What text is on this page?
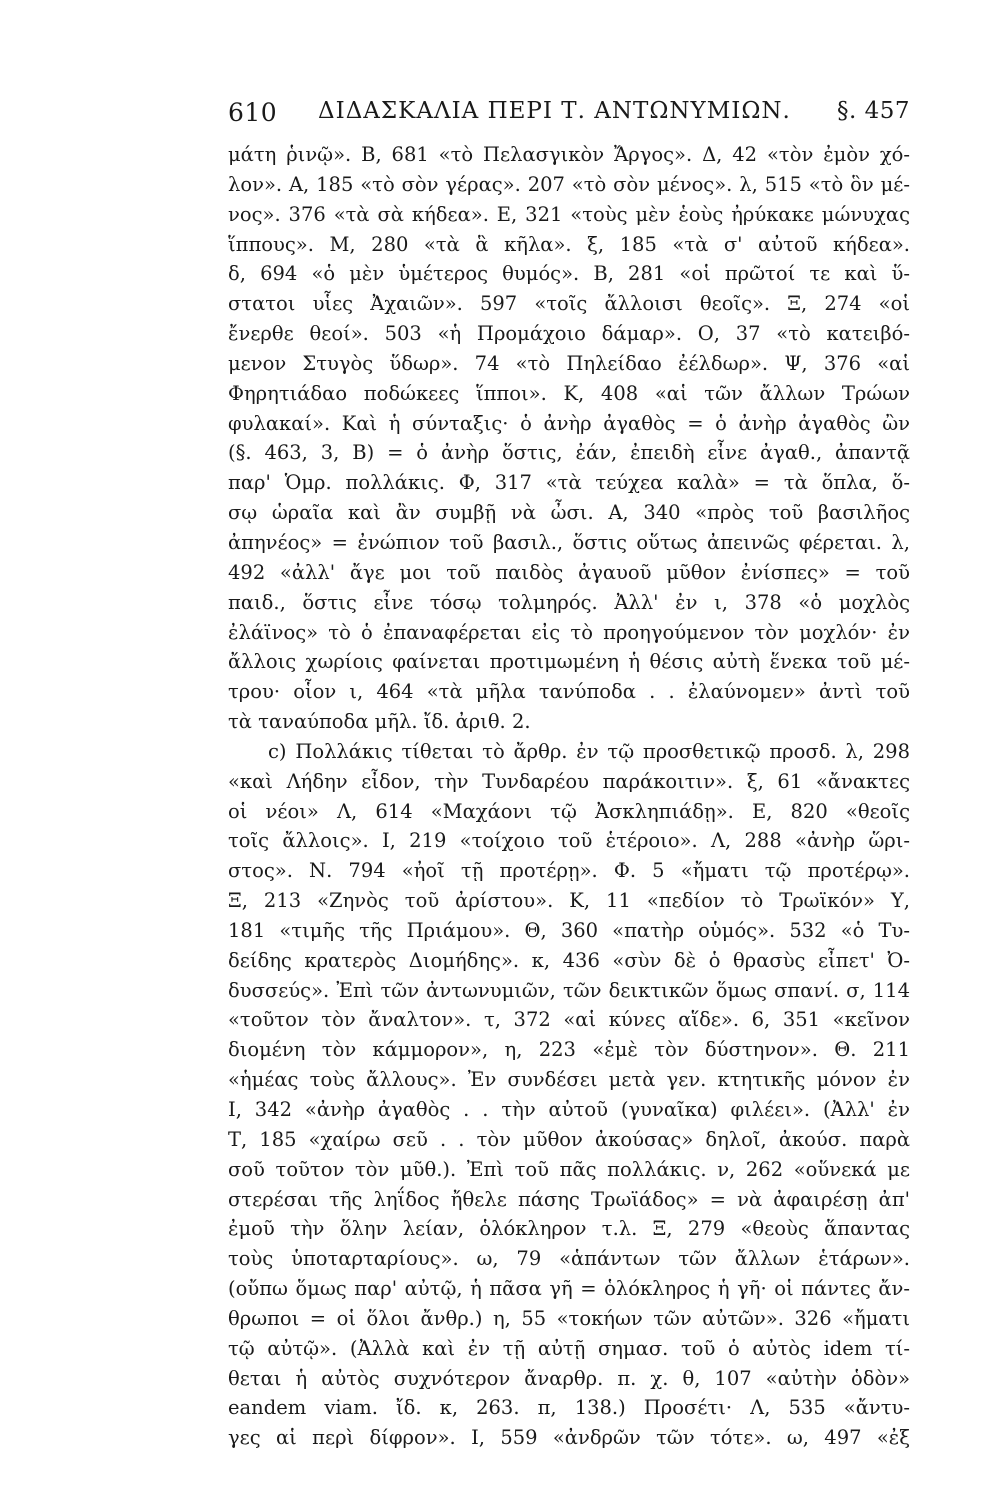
610 ΔΙΔΑΣΚΑΛΙΑ ΠΕΡΙ Τ. ΑΝΤΩΝΥΜΙΩΝ. §. 457
μάτη ῥινῷ». Β, 681 «τὸ Πελασγικὸν Ἄργος». Δ, 42 «τὸν ἐμὸν χό-
λον». Α, 185 «τὸ σὸν γέρας». 207 «τὸ σὸν μένος». λ, 515 «τὸ ὃν μέ-
νος». 376 «τὰ σὰ κήδεα». Ε, 321 «τοὺς μὲν ἑοὺς ἠρύκακε μώνυχας
ἵππους». Μ, 280 «τὰ ἃ κῆλα». ξ, 185 «τὰ σ' αὐτοῦ κήδεα».
δ, 694 «ὁ μὲν ὑμέτερος θυμός». Β, 281 «οἱ πρῶτοί τε καὶ ὕ-
στατοι υἷες Ἀχαιῶν». 597 «τοῖς ἄλλοισι θεοῖς». Ξ, 274 «οἱ
ἔνερθε θεοί». 503 «ἡ Προμάχοιο δάμαρ». Ο, 37 «τὸ κατειβό-
μενον Στυγὸς ὕδωρ». 74 «τὸ Πηλείδαο ἐέλδωρ». Ψ, 376 «αἱ
Φηρητιάδαο ποδώκεες ἵπποι». Κ, 408 «αἱ τῶν ἄλλων Τρώων
φυλακαί». Καὶ ἡ σύνταξις· ὁ ἀνὴρ ἀγαθὸς = ὁ ἀνὴρ ἀγαθὸς ὢν
(§. 463, 3, Β) = ὁ ἀνὴρ ὅστις, ἐάν, ἐπειδὴ εἶνε ἀγαθ., ἀπαντᾷ
παρ' Ὁμρ. πολλάκις. Φ, 317 «τὰ τεύχεα καλὰ» = τὰ ὅπλα, ὅ-
σῳ ὡραῖα καὶ ἂν συμβῇ νὰ ὦσι. Α, 340 «πρὸς τοῦ βασιλῆος
ἀπηνέος» = ἐνώπιον τοῦ βασιλ., ὅστις οὕτως ἀπεινῶς φέρεται. λ,
492 «ἀλλ' ἄγε μοι τοῦ παιδὸς ἀγαυοῦ μῦθον ἐνίσπες» = τοῦ
παιδ., ὅστις εἶνε τόσῳ τολμηρός. Ἀλλ' ἐν ι, 378 «ὁ μοχλὸς
ἐλάϊνος» τὸ ὁ ἐπαναφέρεται εἰς τὸ προηγούμενον τὸν μοχλόν· ἐν
ἄλλοις χωρίοις φαίνεται προτιμωμένη ἡ θέσις αὐτὴ ἕνεκα τοῦ μέ-
τρου· οἷον ι, 464 «τὰ μῆλα τανύποδα . . ἐλαύνομεν» ἀντὶ τοῦ
τὰ ταναύποδα μῆλ. ἴδ. ἀριθ. 2.
c) Πολλάκις τίθεται τὸ ἄρθρ. ἐν τῷ προσθετικῷ προσδ. λ, 298
«καὶ Λήδην εἶδον, τὴν Τυνδαρέου παράκοιτιν». ξ, 61 «ἄνακτες
οἱ νέοι» Λ, 614 «Μαχάονι τῷ Ἀσκληπιάδῃ». Ε, 820 «θεοῖς
τοῖς ἄλλοις». Ι, 219 «τοίχοιο τοῦ ἑτέροιο». Λ, 288 «ἀνὴρ ὥρι-
στος». Ν. 794 «ἠοῖ τῇ προτέρῃ». Φ. 5 «ἤματι τῷ προτέρῳ».
Ξ, 213 «Ζηνὸς τοῦ ἀρίστου». Κ, 11 «πεδίον τὸ Τρωϊκόν» Υ,
181 «τιμῆς τῆς Πριάμου». Θ, 360 «πατὴρ οὑμός». 532 «ὁ Τυ-
δείδης κρατερὸς Διομήδης». κ, 436 «σὺν δὲ ὁ θρασὺς εἶπετ' Ὀ-
δυσσεύς». Ἐπὶ τῶν ἀντωνυμιῶν, τῶν δεικτικῶν ὅμως σπανί. σ, 114
«τοῦτον τὸν ἄναλτον». τ, 372 «αἱ κύνες αἵδε». 6, 351 «κεῖνον
διομένη τὸν κάμμορον», η, 223 «ἐμὲ τὸν δύστηνον». Θ. 211
«ἡμέας τοὺς ἄλλους». Ἐν συνδέσει μετὰ γεν. κτητικῆς μόνον ἐν
Ι, 342 «ἀνὴρ ἀγαθὸς . . τὴν αὐτοῦ (γυναῖκα) φιλέει». (Ἀλλ' ἐν
Τ, 185 «χαίρω σεῦ . . τὸν μῦθον ἀκούσας» δηλοῖ, ἀκούσ. παρὰ
σοῦ τοῦτον τὸν μῦθ.). Ἐπὶ τοῦ πᾶς πολλάκις. ν, 262 «οὕνεκά με
στερέσαι τῆς ληΐδος ἤθελε πάσης Τρωϊάδος» = νὰ ἀφαιρέσῃ ἀπ'
ἐμοῦ τὴν ὅλην λείαν, ὁλόκληρον τ.λ. Ξ, 279 «θεοὺς ἅπαντας
τοὺς ὑποταρταρίους». ω, 79 «ἁπάντων τῶν ἄλλων ἑτάρων».
(οὔπω ὅμως παρ' αὐτῷ, ἡ πᾶσα γῆ = ὁλόκληρος ἡ γῆ· οἱ πάντες ἄν-
θρωποι = οἱ ὅλοι ἄνθρ.) η, 55 «τοκήων τῶν αὐτῶν». 326 «ἤματι
τῷ αὐτῷ». (Ἀλλὰ καὶ ἐν τῇ αὐτῇ σημασ. τοῦ ὁ αὐτὸς idem τί-
θεται ἡ αὐτὸς συχνότερον ἄναρθρ. π. χ. θ, 107 «αὐτὴν ὁδὸν»
eandem viam. ἴδ. κ, 263. π, 138.) Προσέτι· Λ, 535 «ἄντυ-
γες αἱ περὶ δίφρον». Ι, 559 «ἀνδρῶν τῶν τότε». ω, 497 «ἐξ
